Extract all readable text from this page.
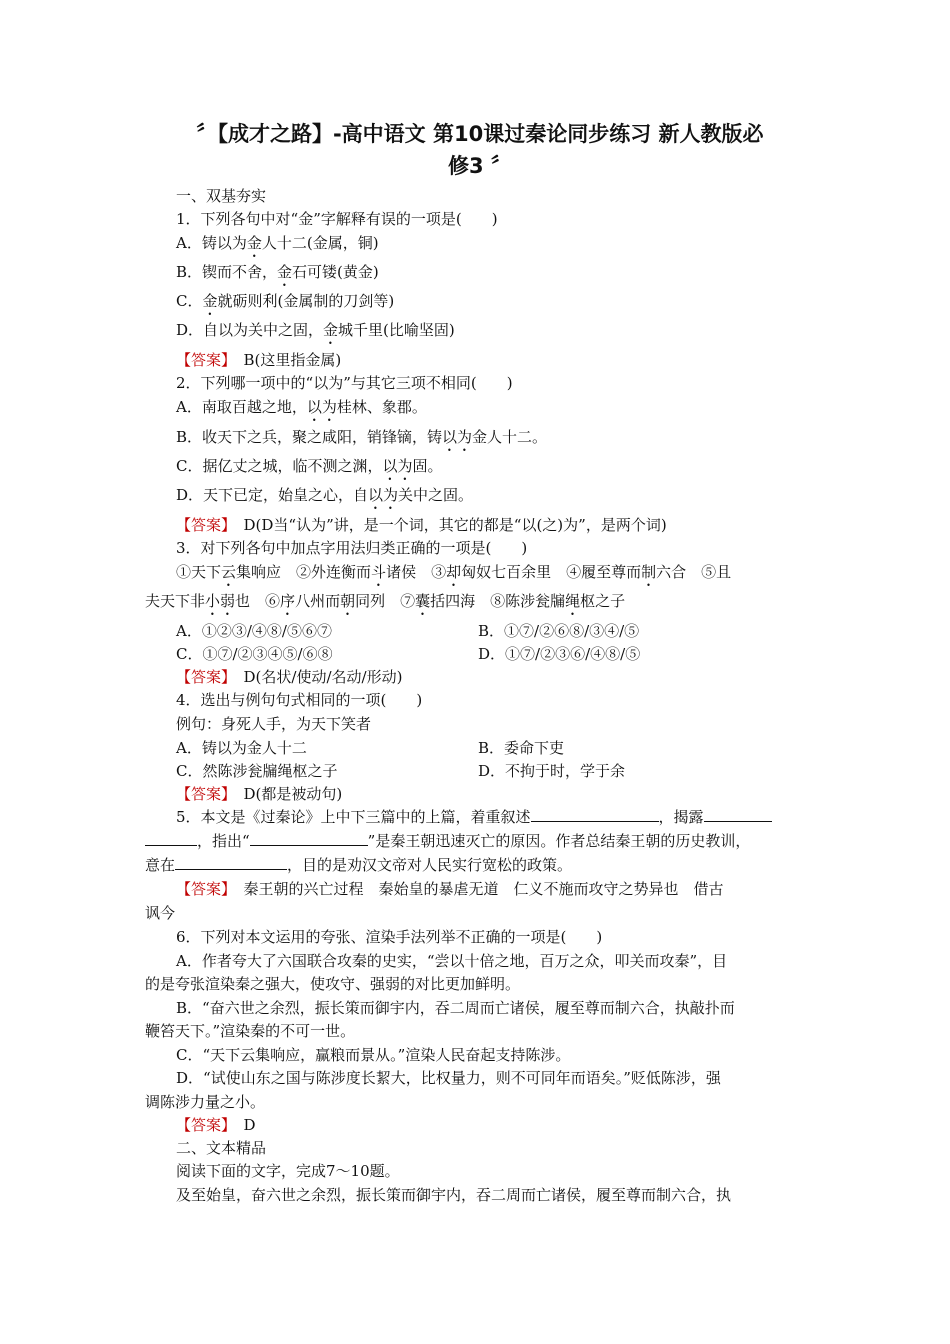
〞【成才之路】-高中语文 第10课过秦论同步练习 新人教版必
修3 〞
一、双基夯实
1．下列各句中对“金”字解释有误的一项是(　　)
A．铸以为金人十二(金属，铜)
B．锲而不舍，金石可镂(黄金)
C．金就砺则利(金属制的刀剑等)
D．自以为关中之固，金城千里(比喻坚固)
【答案】　 B(这里指金属)
2．下列哪一项中的“以为”与其它三项不相同(　　)
A．南取百越之地，以为桂林、象郡。
B．收天下之兵，聚之咸阳，销锋镝，铸以为金人十二。
C．据亿丈之城，临不测之渊，以为固。
D．天下已定，始皇之心，自以为关中之固。
【答案】　 D(D当“认为”讲，是一个词，其它的都是“以(之)为”，是两个词)
3．对下列各句中加点字用法归类正确的一项是(　　)
①天下云集响应　②外连衡而斗诸侯　③却匈奴七百余里　④履至尊而制六合　⑤且
夫天下非小弱也　⑥序八州而朝同列　⑦囊括四海　⑧陈涉瓮牖绳枢之子
A．①②③/④⑧/⑤⑥⑦	B．①⑦/②⑥⑧/③④/⑤
C．①⑦/②③④⑤/⑥⑧	D．①⑦/②③⑥/④⑧/⑤
【答案】　 D(名状/使动/名动/形动)
4．选出与例句句式相同的一项(　　)
例句：身死人手，为天下笑者
A．铸以为金人十二	B．委命下吏
C．然陈涉瓮牖绳枢之子	D．不拘于时，学于余
【答案】　 D(都是被动句)
5．本文是《过秦论》上中下三篇中的上篇，着重叙述	，揭露
，指出“	”是秦王朝迅速灭亡的原因。作者总结秦王朝的历史教训，
意在	，目的是劝汉文帝对人民实行宽松的政策。
【答案】　 秦王朝的兴亡过程　秦始皇的暴虐无道　仁义不施而攻守之势异也　借古
讽今
6．下列对本文运用的夸张、渲染手法列举不正确的一项是(　　)
A．作者夸大了六国联合攻秦的史实，“尝以十倍之地，百万之众，叩关而攻秦”，目
的是夸张渲染秦之强大，使攻守、强弱的对比更加鲜明。
B．“奋六世之余烈，振长策而御宇内，吞二周而亡诸侯，履至尊而制六合，执敲扑而
鞭笞天下。”渲染秦的不可一世。
C．“天下云集响应，赢粮而景从。”渲染人民奋起支持陈涉。
D．“试使山东之国与陈涉度长絜大，比权量力，则不可同年而语矣。”贬低陈涉，强
调陈涉力量之小。
【答案】　 D
二、文本精品
阅读下面的文字，完成7～10题。
及至始皇，奋六世之余烈，振长策而御宇内，吞二周而亡诸侯，履至尊而制六合，执
